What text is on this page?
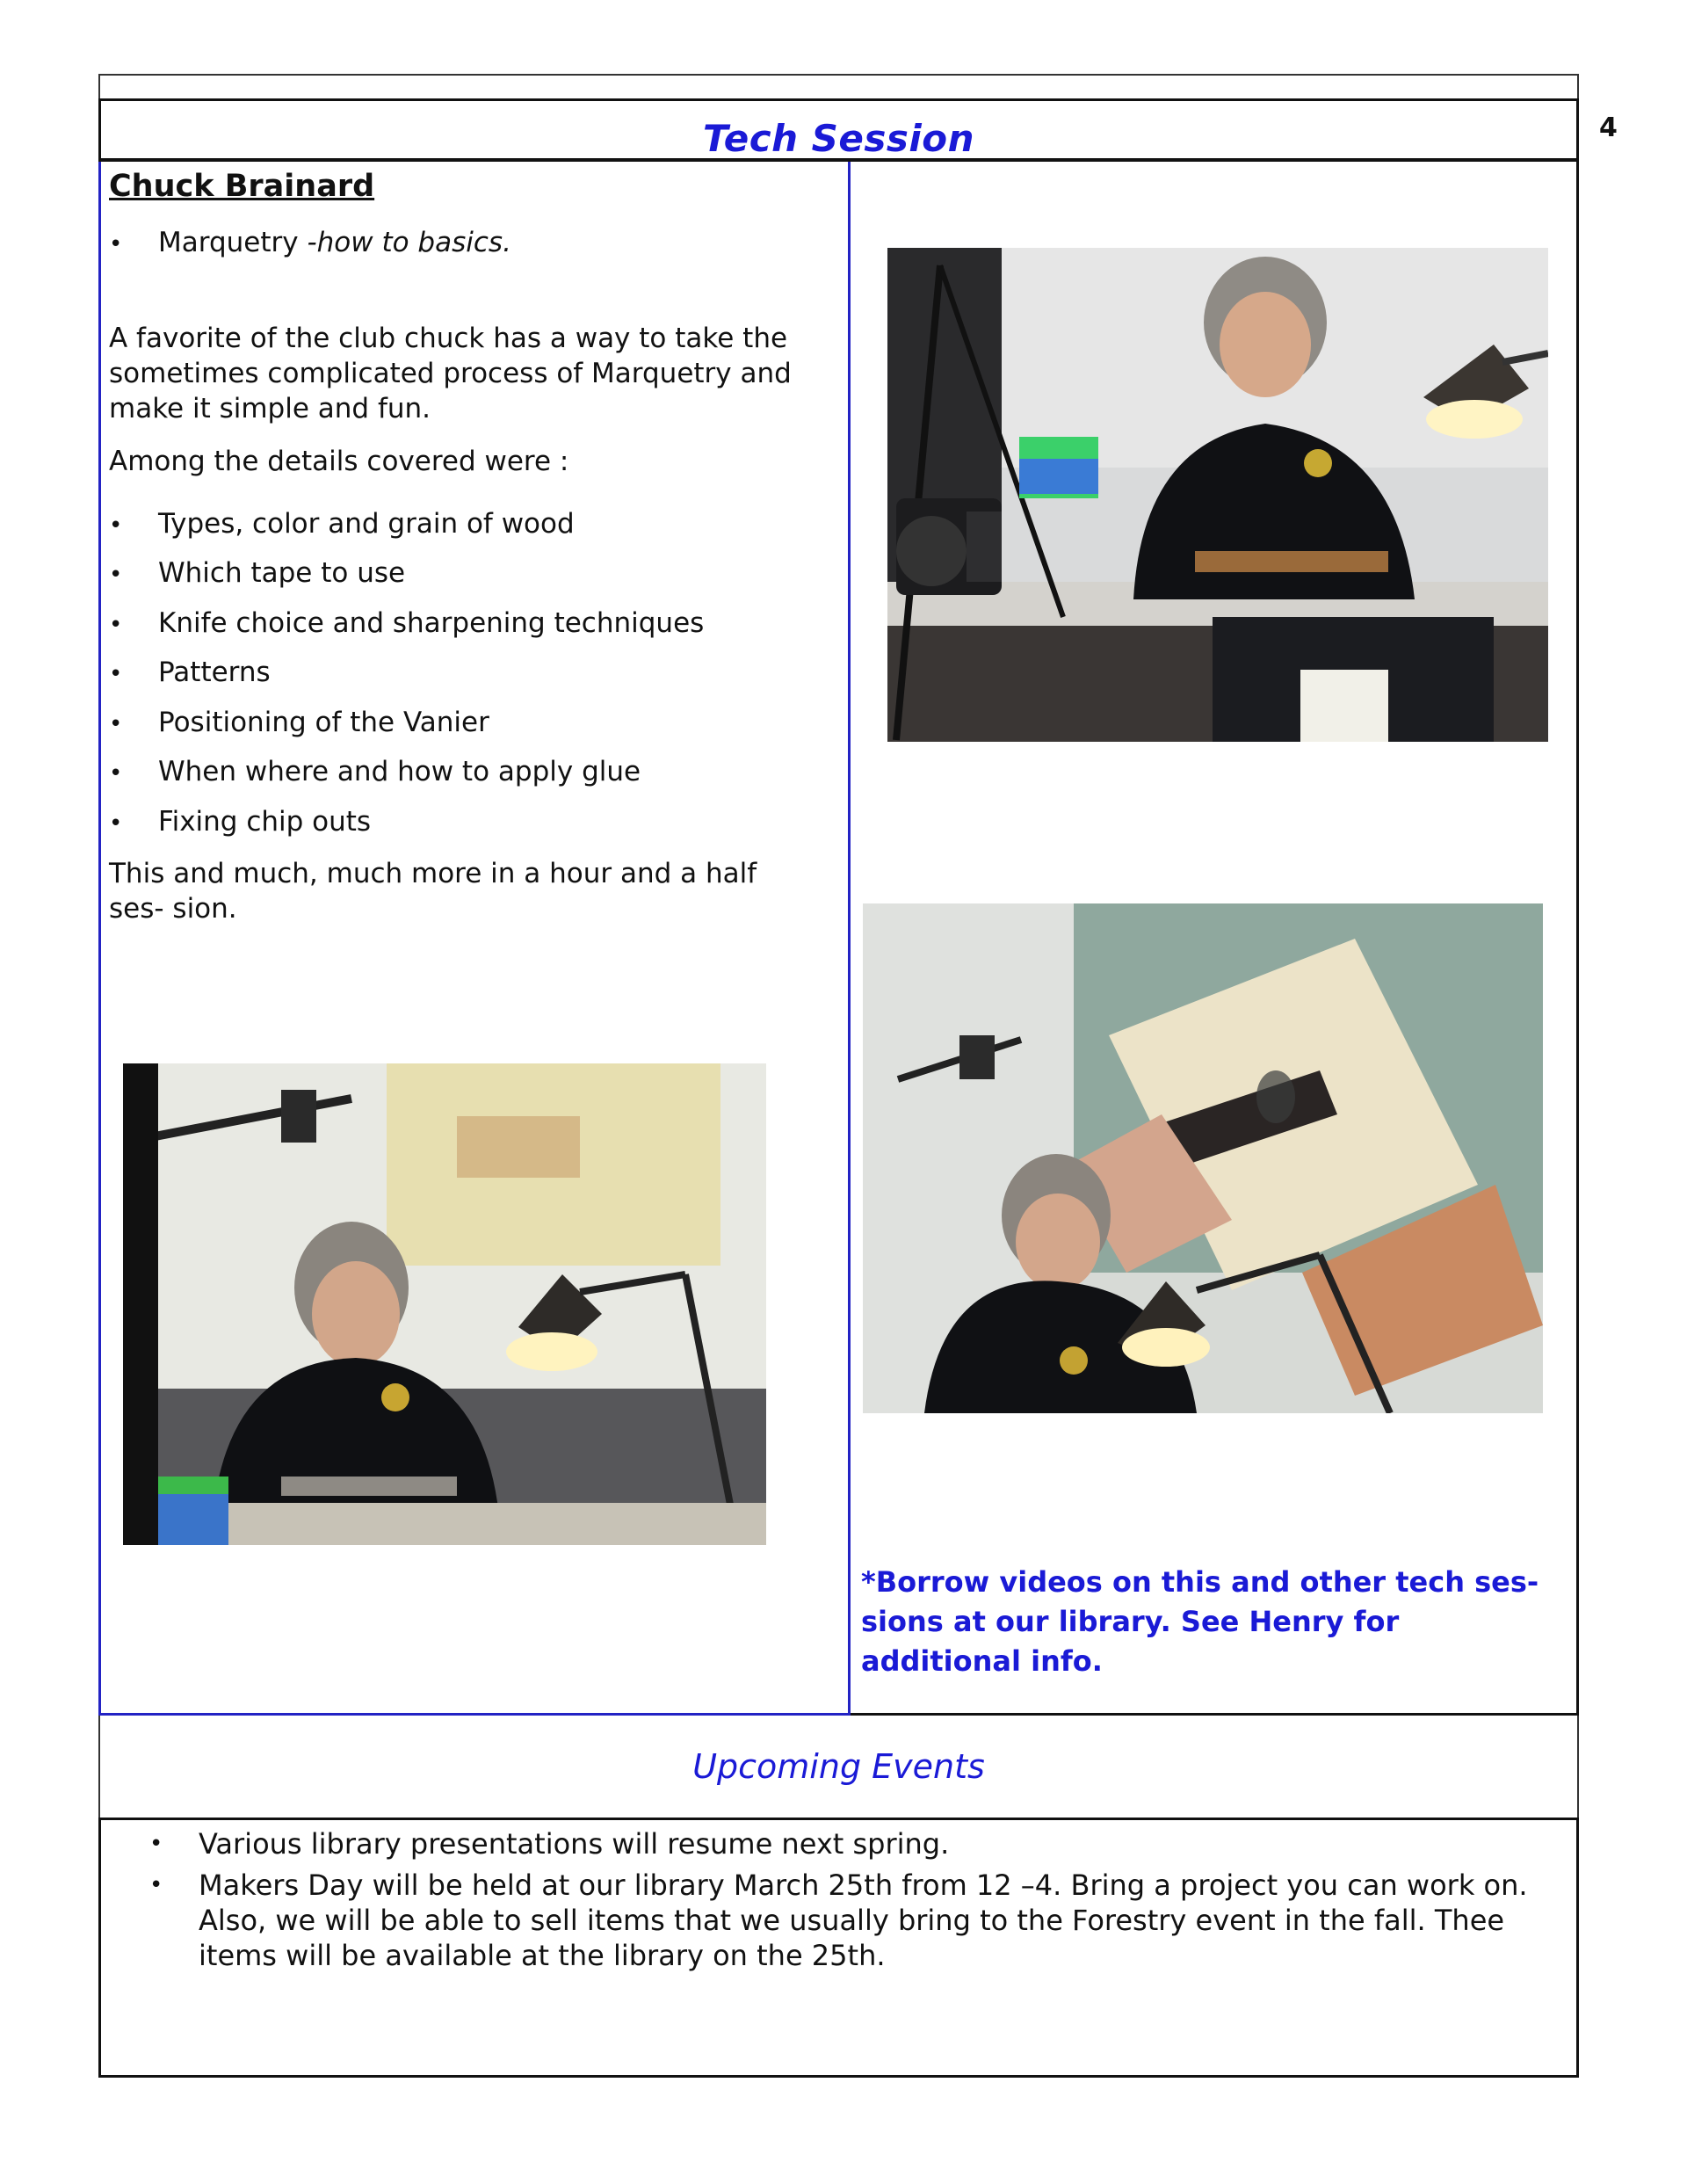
Tech Session	4
Chuck Brainard
• Marquetry -how to basics.
A favorite of the club chuck has a way to take the sometimes complicated process of Marquetry and make it simple and fun.
Among the details covered were :
• Types, color and grain of wood
• Which tape to use
• Knife choice and sharpening techniques
• Patterns
• Positioning of the Vanier
• When where and how to apply glue
• Fixing chip outs
This and much, much more in a hour and a half ses- sion.
*Borrow videos on this and other tech ses- sions at our library. See Henry for additional info.
Upcoming Events
• Various library presentations will resume next spring.
• Makers Day will be held at our library March 25th from 12 –4. Bring a project you can work on. Also, we will be able to sell items that we usually bring to the Forestry event in the fall. Thee items will be available at the library on the 25th.
